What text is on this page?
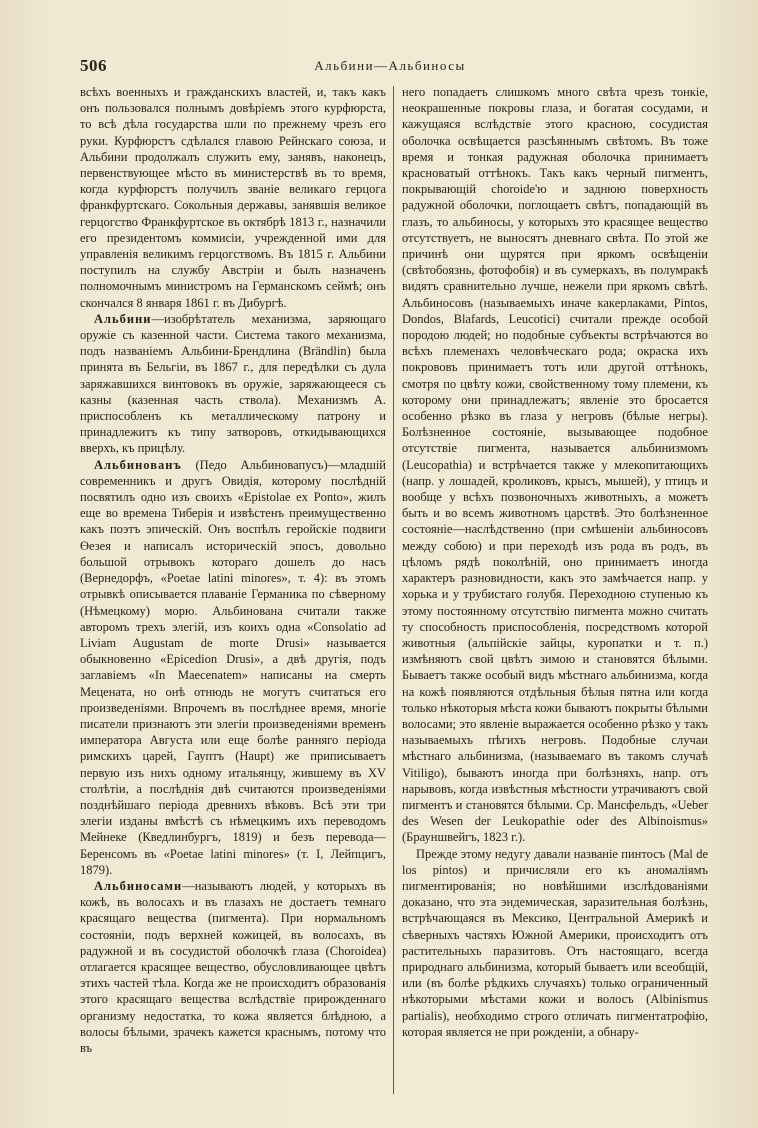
506	Альбини—Альбиносы

всѣхъ военныхъ и гражданскихъ властей, и, такъ какъ онъ пользовался полнымъ довѣріемъ этого курфюрста, то всѣ дѣла государства шли по прежнему чрезъ его руки. Курфюрстъ сдѣлался главою Рейнскаго союза, и Альбини продолжалъ служить ему, занявъ, наконецъ, первенствующее мѣсто въ министерствѣ въ то время, когда курфюрстъ получилъ званіе великаго герцога франкфуртскаго. Сокольныя державы, занявшія великое герцогство Франкфуртское въ октябрѣ 1813 г., назначили его президентомъ коммисіи, учрежденной ими для управленія великимъ герцогствомъ. Въ 1815 г. Альбини поступилъ на службу Австріи и былъ назначенъ полномочнымъ министромъ на Германскомъ сеймѣ; онъ скончался 8 января 1861 г. въ Дибургѣ.

Альбини—изобрѣтатель механизма, заряющаго оружіе съ казенной части. Система такого механизма, подъ названіемъ Альбини-Брендлина (Brändlin) была принята въ Бельгіи, въ 1867 г., для передѣлки съ дула заряжавшихся винтовокъ въ оружіе, заряжающееся съ казны (казенная часть ствола). Механизмъ А. приспособленъ къ металлическому патрону и принадлежитъ къ типу затворовъ, откидывающихся вверхъ, къ прицѣлу.

Альбинованъ (Педо Альбиновапусъ)—младшій современникъ и другъ Овидія, которому послѣдній посвятилъ одно изъ своихъ «Epistolae ex Ponto», жилъ еще во времена Тиберія и извѣстенъ преимущественно какъ поэтъ эпическій. Онъ воспѣлъ геройскіе подвиги Өезея и написалъ историческій эпосъ, довольно большой отрывокъ котораго дошелъ до насъ (Вернедорфъ, «Poetae latini minores», т. 4): въ этомъ отрывкѣ описывается плаваніе Германика по сѣверному (Нѣмецкому) морю. Альбинована считали также авторомъ трехъ элегій, изъ коихъ одна «Consolatio ad Liviam Augustam de morte Drusi» называется обыкновенно «Epicedion Drusi», а двѣ другія, подъ заглавіемъ «In Maecenatem» написаны на смерть Мецената, но онѣ отнюдь не могутъ считаться его произведеніями. Впрочемъ въ послѣднее время, многіе писатели признаютъ эти элегіи произведеніями временъ императора Августа или еще болѣе ранняго періода римскихъ царей, Гауптъ (Haupt) же приписываетъ первую изъ нихъ одному итальянцу, жившему въ XV столѣтіи, а послѣднія двѣ считаются произведеніями позднѣйшаго періода древнихъ вѣковъ. Всѣ эти три элегіи изданы вмѣстѣ съ нѣмецкимъ ихъ переводомъ Мейнеке (Кведлинбургъ, 1819) и безъ перевода—Беренсомъ въ «Poetae latini minores» (т. I, Лейпцигъ, 1879).

Альбиносами—называютъ людей, у которыхъ въ кожѣ, въ волосахъ и въ глазахъ не достаетъ темнаго красящаго вещества (пигмента). При нормальномъ состояніи, подъ верхней кожицей, въ волосахъ, въ радужной и въ сосудистой оболочкѣ глаза (Choroidea) отлагается красящее вещество, обусловливающее цвѣтъ этихъ частей тѣла. Когда же не происходитъ образованія этого красящаго вещества вслѣдствіе прирожденнаго организму недостатка, то кожа является блѣдною, а волосы бѣлыми, зрачекъ кажется краснымъ, потому что въ

него попадаетъ слишкомъ много свѣта чрезъ тонкіе, неокрашенные покровы глаза, и богатая сосудами, и кажущаяся вслѣдствіе этого красною, сосудистая оболочка освѣщается разсѣяннымъ свѣтомъ. Въ тоже время и тонкая радужная оболочка принимаетъ красноватый оттѣнокъ. Такъ какъ черный пигментъ, покрывающій choroidе'ю и заднюю поверхность радужной оболочки, поглощаетъ свѣтъ, попадающій въ глазъ, то альбиносы, у которыхъ это красящее вещество отсутствуетъ, не выносятъ дневнаго свѣта. По этой же причинѣ они щурятся при яркомъ освѣщеніи (свѣтобоязнь, фотофобія) и въ сумеркахъ, въ полумракѣ видятъ сравнительно лучше, нежели при яркомъ свѣтѣ. Альбиносовъ (называемыхъ иначе какерлаками, Pintos, Dondos, Blafards, Leucotici) считали прежде особой породою людей; но подобные субъекты встрѣчаются во всѣхъ племенахъ человѣческаго рода; окраска ихъ покрововъ принимаетъ тотъ или другой оттѣнокъ, смотря по цвѣту кожи, свойственному тому племени, къ которому они принадлежатъ; явленіе это бросается особенно рѣзко въ глаза у негровъ (бѣлые негры). Болѣзненное состояніе, вызывающее подобное отсутствіе пигмента, называется альбинизмомъ (Leucopathia) и встрѣчается также у млекопитающихъ (напр. у лошадей, кроликовъ, крысъ, мышей), у птицъ и вообще у всѣхъ позвоночныхъ животныхъ, а можетъ быть и во всемъ животномъ царствѣ. Это болѣзненное состояніе—наслѣдственно (при смѣшеніи альбиносовъ между собою) и при переходѣ изъ рода въ родъ, въ цѣломъ рядѣ поколѣній, оно принимаетъ иногда характеръ разновидности, какъ это замѣчается напр. у хорька и у трубистаго голубя. Переходною ступенью къ этому постоянному отсутствію пигмента можно считать ту способность приспособленія, посредствомъ которой животныя (альпійскіе зайцы, куропатки и т. п.) измѣняютъ свой цвѣтъ зимою и становятся бѣлыми. Бываетъ также особый видъ мѣстнаго альбинизма, когда на кожѣ появляются отдѣльныя бѣлыя пятна или когда только нѣкоторыя мѣста кожи бываютъ покрыты бѣлыми волосами; это явленіе выражается особенно рѣзко у такъ называемыхъ пѣгихъ негровъ. Подобные случаи мѣстнаго альбинизма, (называемаго въ такомъ случаѣ Vitiligo), бываютъ иногда при болѣзняхъ, напр. отъ нарывовъ, когда извѣстныя мѣстности утрачиваютъ свой пигментъ и становятся бѣлыми. Ср. Мансфельдъ, «Ueber des Wesen der Leukopathie oder des Albinoismus» (Брауншвейгъ, 1823 г.).

Прежде этому недугу давали названіе пинтосъ (Mal de los pintos) и причисляли его къ аномаліямъ пигментированія; но новѣйшими изслѣдованіями доказано, что эта эндемическая, заразительная болѣзнь, встрѣчающаяся въ Мексико, Центральной Америкѣ и сѣверныхъ частяхъ Южной Америки, происходитъ отъ растительныхъ паразитовъ. Отъ настоящаго, всегда природнаго альбинизма, который бываетъ или всеобщій, или (въ болѣе рѣдкихъ случаяхъ) только ограниченный нѣкоторыми мѣстами кожи и волосъ (Albinismus partialis), необходимо строго отличать пигментатрофію, которая является не при рожденіи, а обнару-
